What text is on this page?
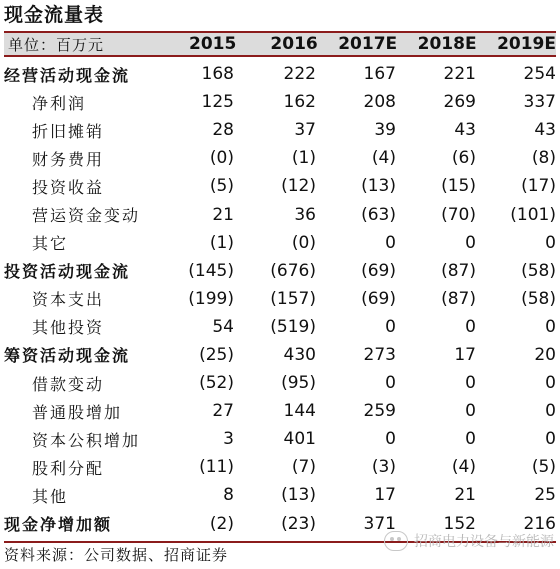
现金流量表
单位：百万元	2015	2016	2017E	2018E	2019E
经营活动现金流	168	222	167	221	254
净利润	125	162	208	269	337
折旧摊销	28	37	39	43	43
财务费用	(0)	(1)	(4)	(6)	(8)
投资收益	(5)	(12)	(13)	(15)	(17)
营运资金变动	21	36	(63)	(70)	(101)
其它	(1)	(0)	0	0	0
投资活动现金流	(145)	(676)	(69)	(87)	(58)
资本支出	(199)	(157)	(69)	(87)	(58)
其他投资	54	(519)	0	0	0
筹资活动现金流	(25)	430	273	17	20
借款变动	(52)	(95)	0	0	0
普通股增加	27	144	259	0	0
资本公积增加	3	401	0	0	0
股利分配	(11)	(7)	(3)	(4)	(5)
其他	8	(13)	17	21	25
现金净增加额	(2)	(23)	371	152	216
资料来源：公司数据、招商证券
招商电力设备与新能源
